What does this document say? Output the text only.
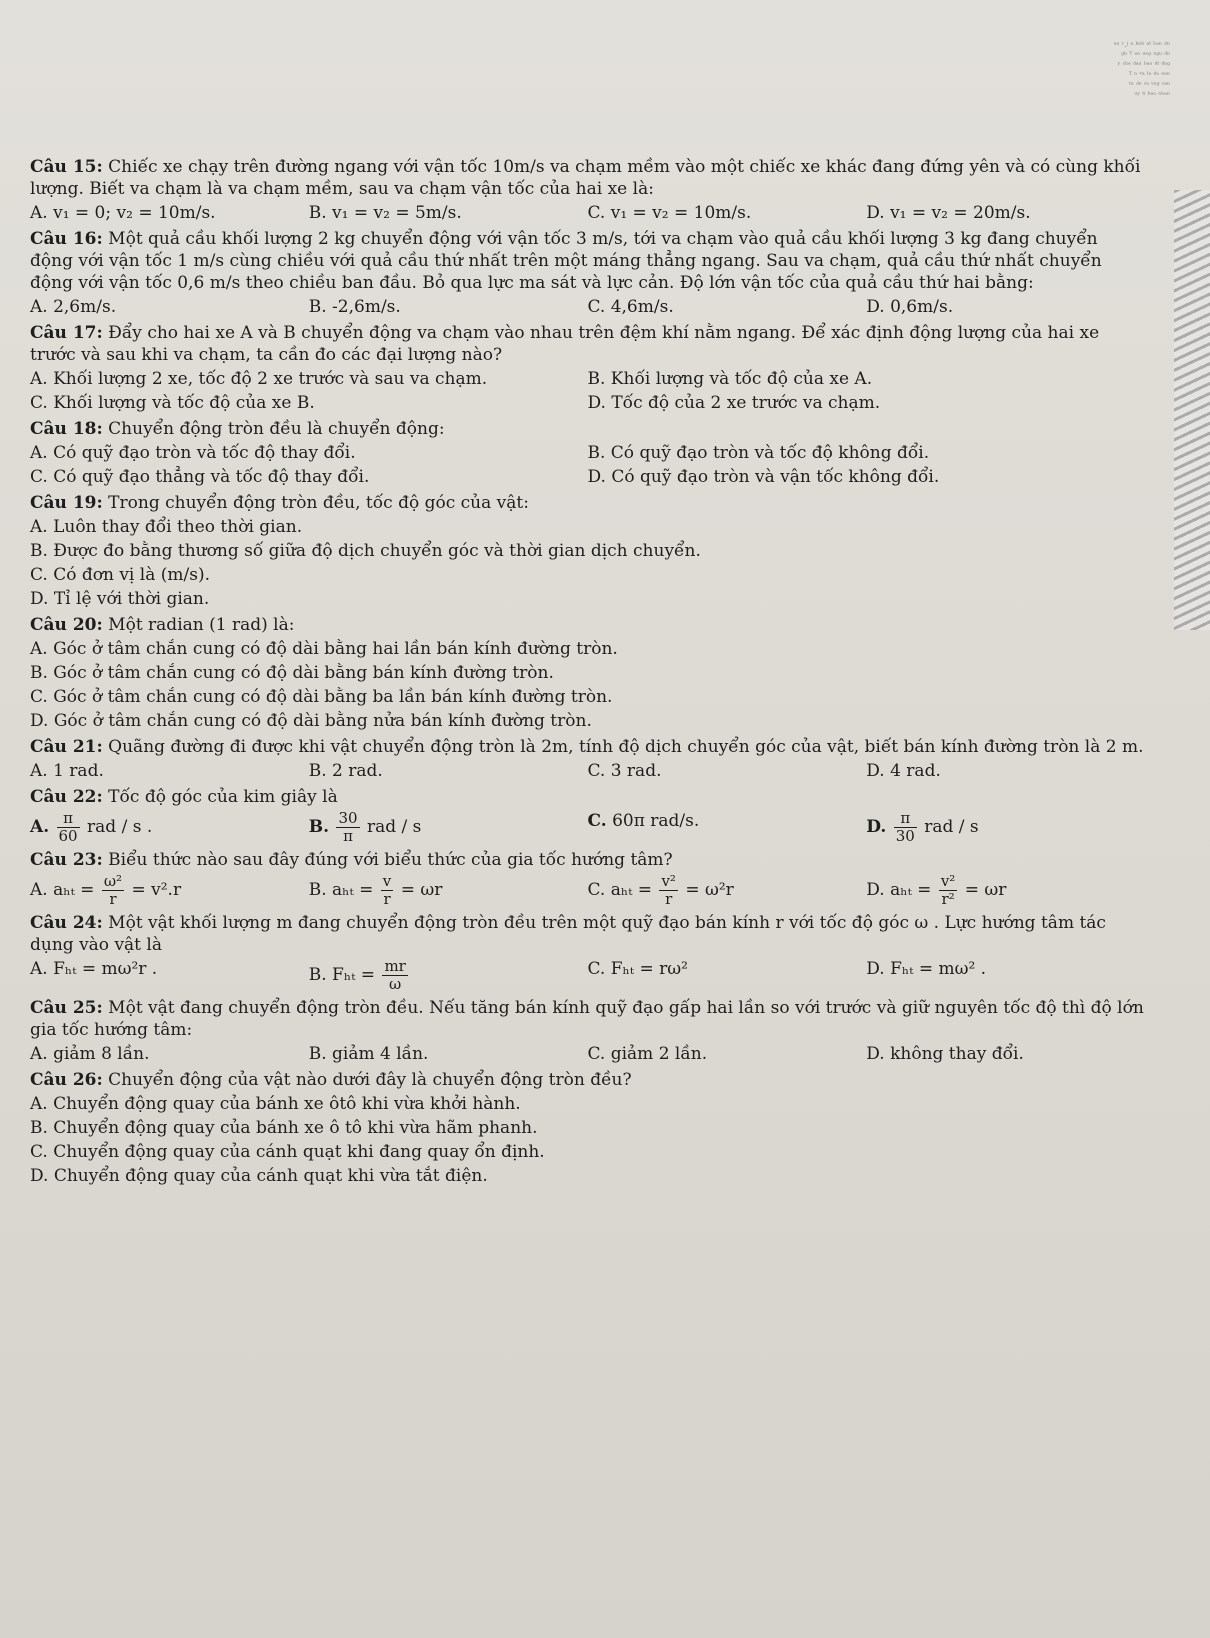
ᵃⁿ ʳ.ʲ ᵃ ᵇⁿʰ ᵃᵗ ʰᵃⁿ ᵈⁿ
ᵍʰ ᵀ ᵃⁿ ᵘⁿᵍ ⁿᵍᵘ ᵈⁿ
ʸ ᶜʰᵉ ᵈᵃⁿ ᵇᵃⁿ ᵈᵗ ᵈⁿᵍ
ᵀ ⁿ ᵛᵃ ˡᵃ ᵈᵃ ⁿᵃⁿ
ᵗⁿ ᵈᵉ ᶜᵃ ᵛⁿᵍ ᶜᵃⁿ
ᵘʸ ᵗⁱ ᵇᵃᵘ ⁿʰᵃⁿ
Câu 15: Chiếc xe chạy trên đường ngang với vận tốc 10m/s va chạm mềm vào một chiếc xe khác đang đứng yên và có cùng khối lượng. Biết va chạm là va chạm mềm, sau va chạm vận tốc của hai xe là:
A. v₁ = 0; v₂ = 10m/s.	B. v₁ = v₂ = 5m/s.	C. v₁ = v₂ = 10m/s.	D. v₁ = v₂ = 20m/s.
Câu 16: Một quả cầu khối lượng 2 kg chuyển động với vận tốc 3 m/s, tới va chạm vào quả cầu khối lượng 3 kg đang chuyển động với vận tốc 1 m/s cùng chiều với quả cầu thứ nhất trên một máng thẳng ngang. Sau va chạm, quả cầu thứ nhất chuyển động với vận tốc 0,6 m/s theo chiều ban đầu. Bỏ qua lực ma sát và lực cản. Độ lớn vận tốc của quả cầu thứ hai bằng:
A. 2,6m/s.	B. -2,6m/s.	C. 4,6m/s.	D. 0,6m/s.
Câu 17: Đẩy cho hai xe A và B chuyển động va chạm vào nhau trên đệm khí nằm ngang. Để xác định động lượng của hai xe trước và sau khi va chạm, ta cần đo các đại lượng nào?
A. Khối lượng 2 xe, tốc độ 2 xe trước và sau va chạm.	B. Khối lượng và tốc độ của xe A.
C. Khối lượng và tốc độ của xe B.	D. Tốc độ của 2 xe trước va chạm.
Câu 18: Chuyển động tròn đều là chuyển động:
A. Có quỹ đạo tròn và tốc độ thay đổi.	B. Có quỹ đạo tròn và tốc độ không đổi.
C. Có quỹ đạo thẳng và tốc độ thay đổi.	D. Có quỹ đạo tròn và vận tốc không đổi.
Câu 19: Trong chuyển động tròn đều, tốc độ góc của vật:
A. Luôn thay đổi theo thời gian.
B. Được đo bằng thương số giữa độ dịch chuyển góc và thời gian dịch chuyển.
C. Có đơn vị là (m/s).
D. Tỉ lệ với thời gian.
Câu 20: Một radian (1 rad) là:
A. Góc ở tâm chắn cung có độ dài bằng hai lần bán kính đường tròn.
B. Góc ở tâm chắn cung có độ dài bằng bán kính đường tròn.
C. Góc ở tâm chắn cung có độ dài bằng ba lần bán kính đường tròn.
D. Góc ở tâm chắn cung có độ dài bằng nửa bán kính đường tròn.
Câu 21: Quãng đường đi được khi vật chuyển động tròn là 2m, tính độ dịch chuyển góc của vật, biết bán kính đường tròn là 2 m.
A. 1 rad.	B. 2 rad.	C. 3 rad.	D. 4 rad.
Câu 22: Tốc độ góc của kim giây là
A. $\frac{\pi}{60}$ rad / s .	B. $\frac{30}{\pi}$ rad / s	C. 60π rad/s.	D. $\frac{\pi}{30}$ rad / s
Câu 23: Biểu thức nào sau đây đúng với biểu thức của gia tốc hướng tâm?
A. $a_{ht} = \frac{\text{ω²}}{r} = v^2.r$	B. $a_{ht} = \frac{v}{r} = \omega r$	C. $a_{ht} = \frac{\text{v²}}{r} = \omega^2r$	D. $a_{ht} = \frac{\text{v²}}{\text{r²}} = \omega r$
Câu 24: Một vật khối lượng m đang chuyển động tròn đều trên một quỹ đạo bán kính r với tốc độ góc ω . Lực hướng tâm tác dụng vào vật là
A. Fₕₜ = mω²r .	B. $F_{ht} = \frac{mr}{\omega}$	C. Fₕₜ = rω²	D. Fₕₜ = mω² .
Câu 25: Một vật đang chuyển động tròn đều. Nếu tăng bán kính quỹ đạo gấp hai lần so với trước và giữ nguyên tốc độ thì độ lớn gia tốc hướng tâm:
A. giảm 8 lần.	B. giảm 4 lần.	C. giảm 2 lần.	D. không thay đổi.
Câu 26: Chuyển động của vật nào dưới đây là chuyển động tròn đều?
A. Chuyển động quay của bánh xe ôtô khi vừa khởi hành.
B. Chuyển động quay của bánh xe ô tô khi vừa hãm phanh.
C. Chuyển động quay của cánh quạt khi đang quay ổn định.
D. Chuyển động quay của cánh quạt khi vừa tắt điện.
